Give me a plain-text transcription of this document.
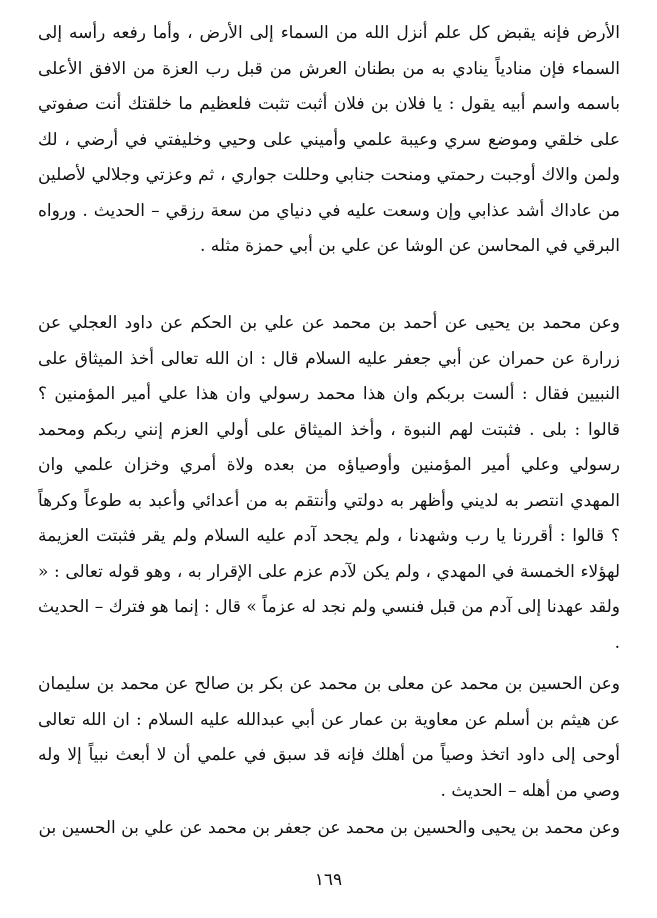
الأرض فإنه يقبض كل علم أنزل الله من السماء إلى الأرض ، وأما رفعه رأسه إلى السماء فإن منادياً ينادي به من بطنان العرش من قبل رب العزة من الافق الأعلى باسمه واسم أبيه يقول : يا فلان بن فلان أثبت تثبت فلعظيم ما خلقتك أنت صفوتي على خلقي وموضع سري وعيبة علمي وأميني على وحيي وخليفتي في أرضي ، لك ولمن والاك أوجبت رحمتي ومنحت جنابي وحللت جواري ، ثم وعزتي وجلالي لأصلين من عاداك أشد عذابي وإن وسعت عليه في دنياي من سعة رزقي – الحديث . ورواه البرقي في المحاسن عن الوشا عن علي بن أبي حمزة مثله .
وعن محمد بن يحيى عن أحمد بن محمد عن علي بن الحكم عن داود العجلي عن زرارة عن حمران عن أبي جعفر عليه السلام قال : ان الله تعالى أخذ الميثاق على النبيين فقال : ألست بربكم وان هذا محمد رسولي وان هذا علي أمير المؤمنين ؟ قالوا : بلى . فثبتت لهم النبوة ، وأخذ الميثاق على أولي العزم إنني ربكم ومحمد رسولي وعلي أمير المؤمنين وأوصياؤه من بعده ولاة أمري وخزان علمي وان المهدي انتصر به لديني وأظهر به دولتي وأنتقم به من أعدائي وأعبد به طوعاً وكرهاً ؟ قالوا : أقررنا يا رب وشهدنا ، ولم يجحد آدم عليه السلام ولم يقر فثبتت العزيمة لهؤلاء الخمسة في المهدي ، ولم يكن لآدم عزم على الإقرار به ، وهو قوله تعالى : « ولقد عهدنا إلى آدم من قبل فنسي ولم نجد له عزماً » قال : إنما هو فترك – الحديث .
وعن الحسين بن محمد عن معلى بن محمد عن بكر بن صالح عن محمد بن سليمان عن هيثم بن أسلم عن معاوية بن عمار عن أبي عبدالله عليه السلام : ان الله تعالى أوحى إلى داود اتخذ وصياً من أهلك فإنه قد سبق في علمي أن لا أبعث نبياً إلا وله وصي من أهله – الحديث .
وعن محمد بن يحيى والحسين بن محمد عن جعفر بن محمد عن علي بن الحسين بن
١٦٩
